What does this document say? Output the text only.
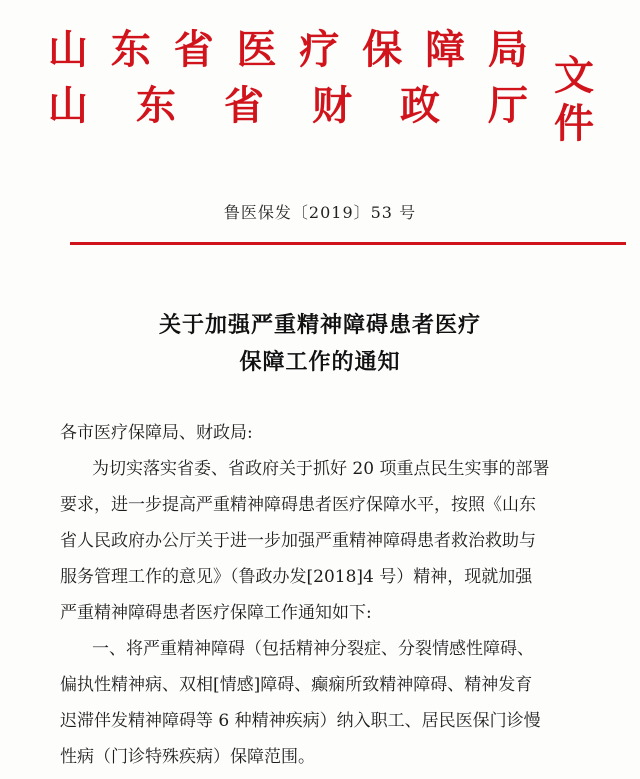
山 东 省 医 疗 保 障 局
山 东 省 财 政 厅
文件
鲁医保发〔2019〕53 号
关于加强严重精神障碍患者医疗
保障工作的通知
各市医疗保障局、财政局:
为切实落实省委、省政府关于抓好 20 项重点民生实事的部署
要求，进一步提高严重精神障碍患者医疗保障水平，按照《山东
省人民政府办公厅关于进一步加强严重精神障碍患者救治救助与
服务管理工作的意见》（鲁政办发[2018]4 号）精神，现就加强
严重精神障碍患者医疗保障工作通知如下:
一、将严重精神障碍（包括精神分裂症、分裂情感性障碍、
偏执性精神病、双相[情感]障碍、癫痫所致精神障碍、精神发育
迟滞伴发精神障碍等 6 种精神疾病）纳入职工、居民医保门诊慢
性病（门诊特殊疾病）保障范围。
